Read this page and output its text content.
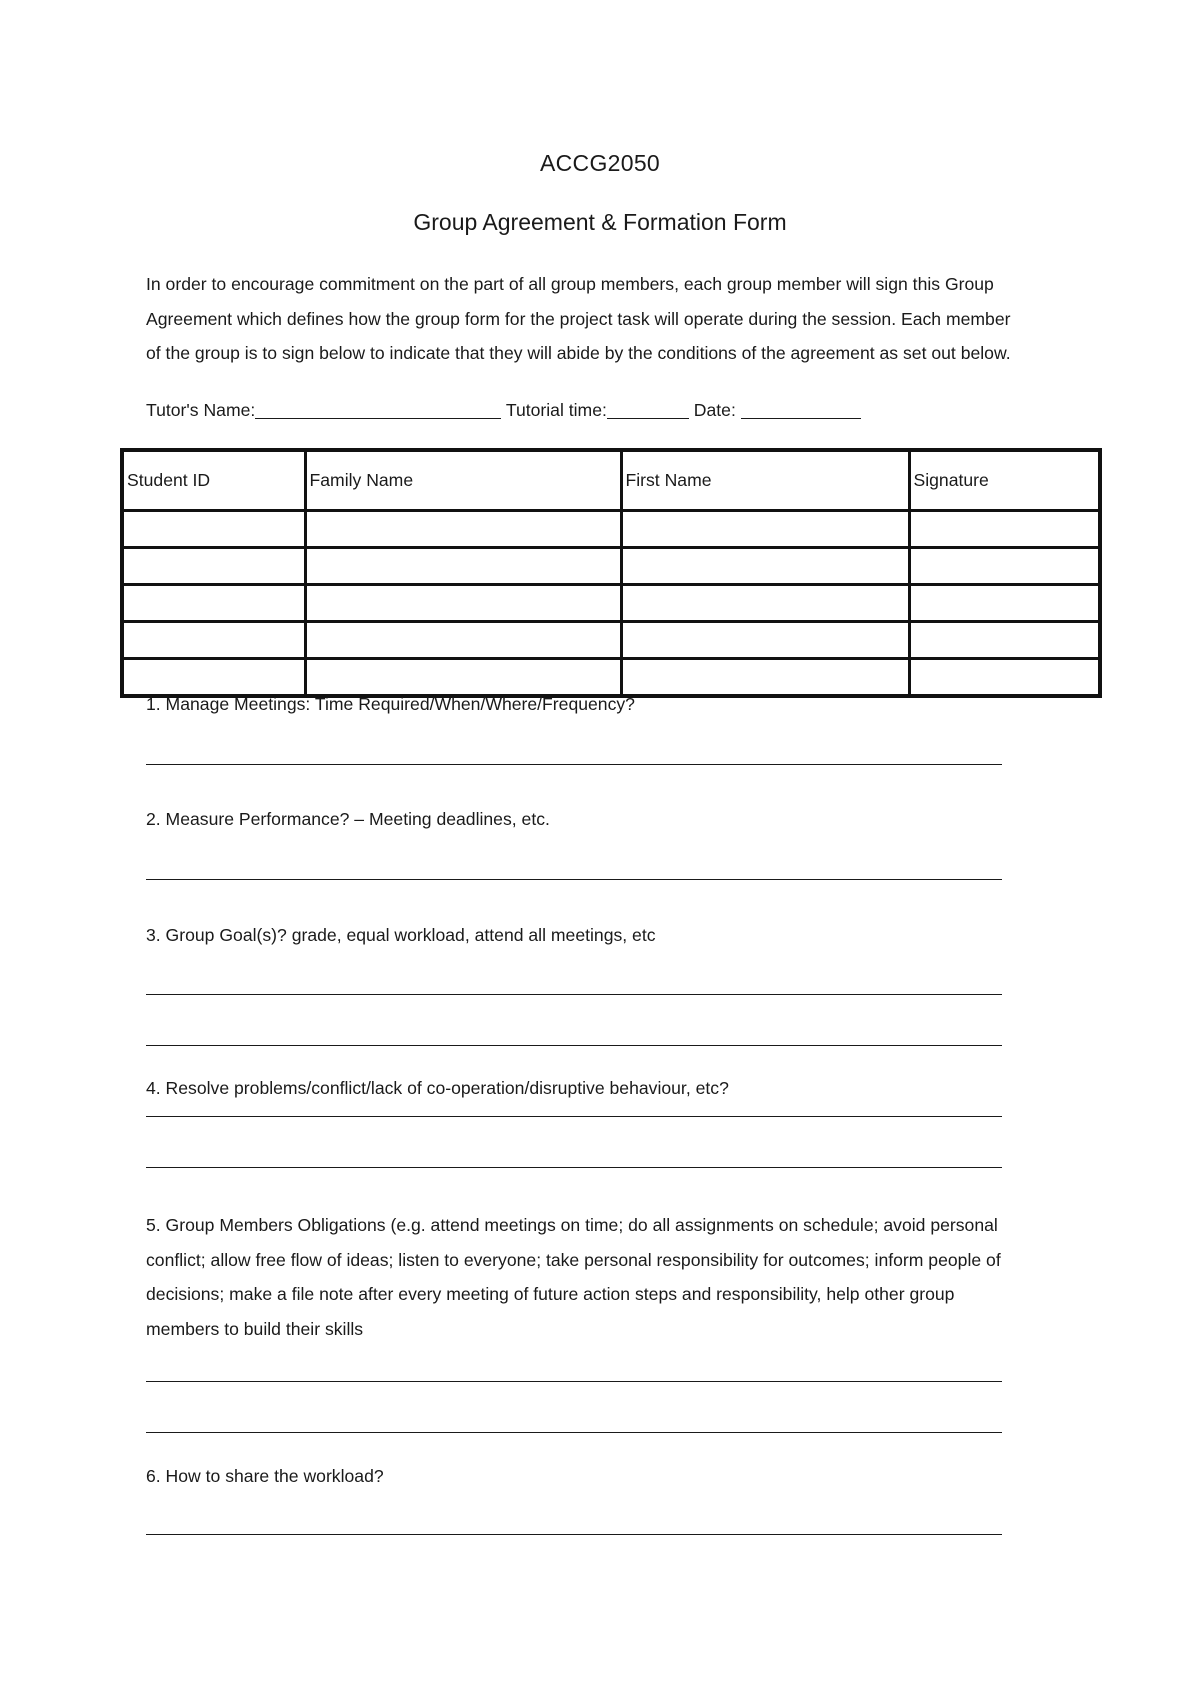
ACCG2050
Group Agreement & Formation Form
In order to encourage commitment on the part of all group members, each group member will sign this Group
Agreement which defines how the group form for the project task will operate during the session. Each member
of the group is to sign below to indicate that they will abide by the conditions of the agreement as set out below.
Tutor's Name:	Tutorial time:	Date:
Student ID	Family Name	First Name	Signature

1. Manage Meetings: Time Required/When/Where/Frequency?
2. Measure Performance? – Meeting deadlines, etc.
3. Group Goal(s)? grade, equal workload, attend all meetings, etc
4. Resolve problems/conflict/lack of co-operation/disruptive behaviour, etc?
5. Group Members Obligations (e.g. attend meetings on time; do all assignments on schedule; avoid personal
conflict; allow free flow of ideas; listen to everyone; take personal responsibility for outcomes; inform people of
decisions; make a file note after every meeting of future action steps and responsibility, help other group
members to build their skills
6. How to share the workload?
